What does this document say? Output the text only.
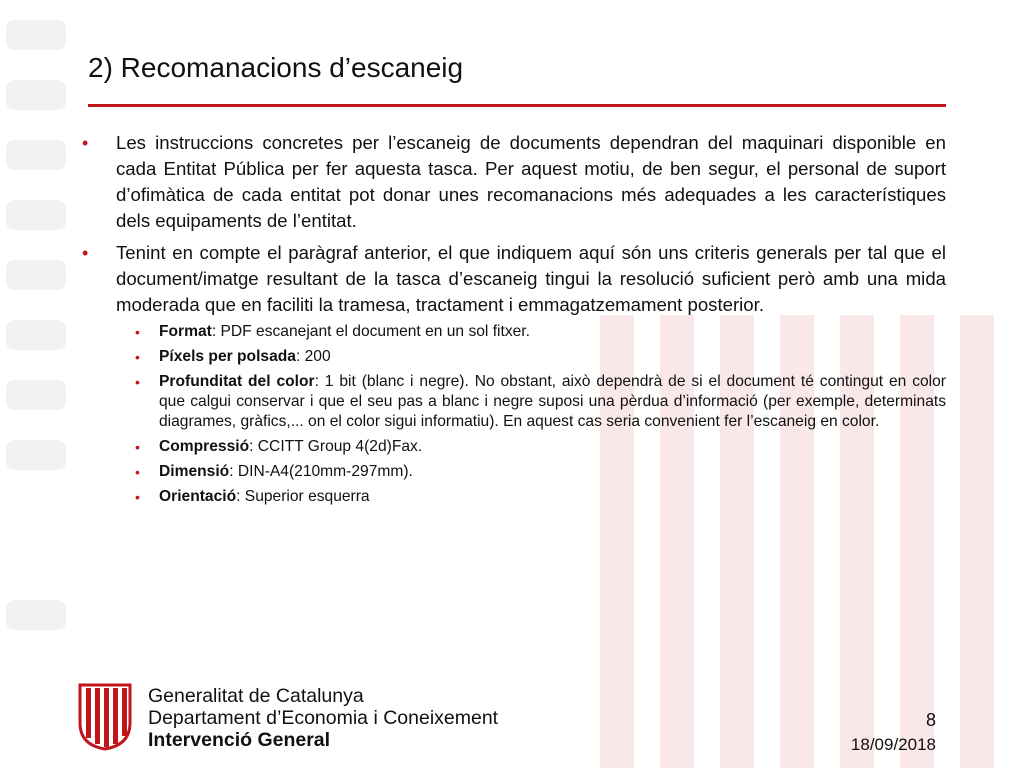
2) Recomanacions d’escaneig
• Les instruccions concretes per l’escaneig de documents dependran del maquinari disponible en cada Entitat Pública per fer aquesta tasca. Per aquest motiu, de ben segur, el personal de suport d’ofimàtica de cada entitat pot donar unes recomanacions més adequades a les característiques dels equipaments de l’entitat.
• Tenint en compte el paràgraf anterior, el que indiquem aquí són uns criteris generals per tal que el document/imatge resultant de la tasca d’escaneig tingui la resolució suficient però amb una mida moderada que en faciliti la tramesa, tractament i emmagatzemament posterior.
• Format: PDF escanejant el document en un sol fitxer.
• Píxels per polsada: 200
• Profunditat del color: 1 bit (blanc i negre). No obstant, això dependrà de si el document té contingut en color que calgui conservar i que el seu pas a blanc i negre suposi una pèrdua d’informació (per exemple, determinats diagrames, gràfics,... on el color sigui informatiu). En aquest cas seria convenient fer l’escaneig en color.
• Compressió: CCITT Group 4(2d)Fax.
• Dimensió: DIN-A4(210mm-297mm).
• Orientació: Superior esquerra
Generalitat de Catalunya
Departament d’Economia i Coneixement
Intervenció General
8
18/09/2018
